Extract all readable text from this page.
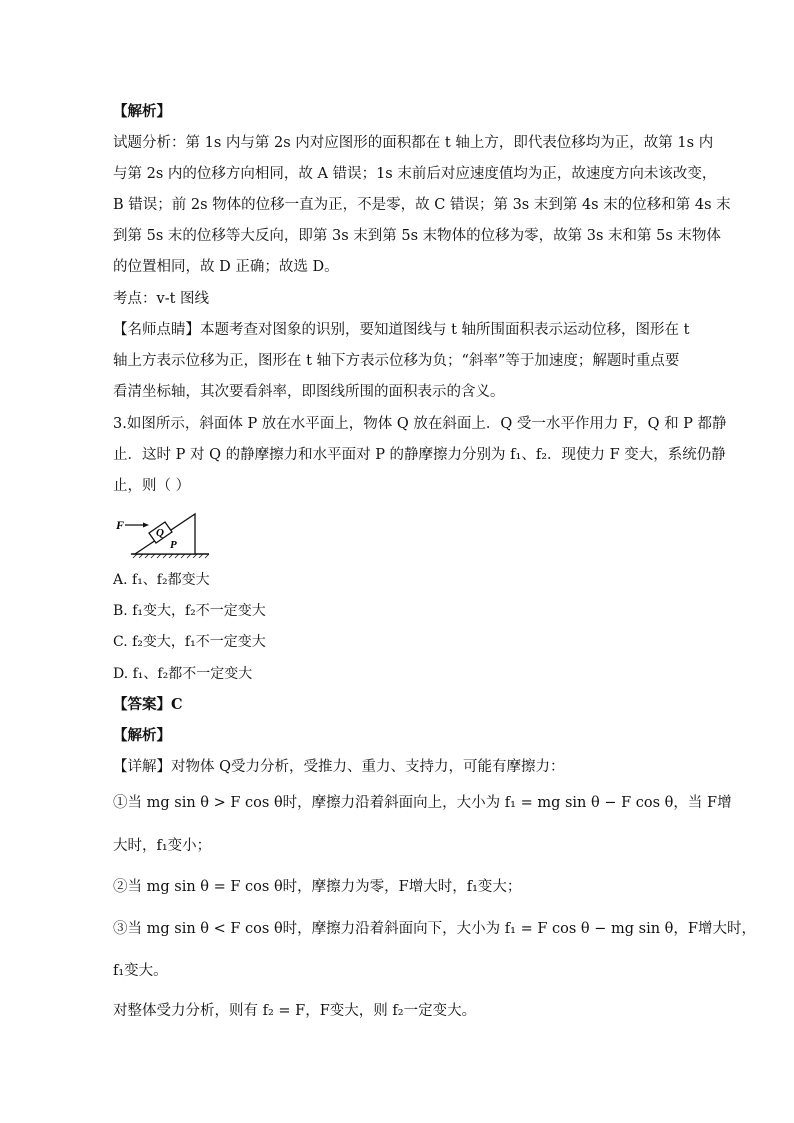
【解析】
试题分析：第 1s 内与第 2s 内对应图形的面积都在 t 轴上方，即代表位移均为正，故第 1s 内
与第 2s 内的位移方向相同，故 A 错误；1s 末前后对应速度值均为正，故速度方向未该改变，
B 错误；前 2s 物体的位移一直为正，不是零，故 C 错误；第 3s 末到第 4s 末的位移和第 4s 末
到第 5s 末的位移等大反向，即第 3s 末到第 5s 末物体的位移为零，故第 3s 末和第 5s 末物体
的位置相同，故 D 正确；故选 D。
考点：v-t 图线
【名师点睛】本题考查对图象的识别，要知道图线与 t 轴所围面积表示运动位移，图形在 t
轴上方表示位移为正，图形在 t 轴下方表示位移为负；“斜率”等于加速度；解题时重点要
看清坐标轴，其次要看斜率，即图线所围的面积表示的含义。
3.如图所示，斜面体 P 放在水平面上，物体 Q 放在斜面上．Q 受一水平作用力 F，Q 和 P 都静
止．这时 P 对 Q 的静摩擦力和水平面对 P 的静摩擦力分别为 f₁、f₂．现使力 F 变大，系统仍静
止，则（ ）
F
Q
P
A. f₁、f₂都变大
B. f₁变大，f₂不一定变大
C. f₂变大，f₁不一定变大
D. f₁、f₂都不一定变大
【答案】C
【解析】
【详解】对物体 Q受力分析，受推力、重力、支持力，可能有摩擦力：
①当 mg sin θ > F cos θ时，摩擦力沿着斜面向上，大小为 f₁ = mg sin θ − F cos θ，当 F增
大时，f₁变小；
②当 mg sin θ = F cos θ时，摩擦力为零，F增大时，f₁变大；
③当 mg sin θ < F cos θ时，摩擦力沿着斜面向下，大小为 f₁ = F cos θ − mg sin θ，F增大时，
f₁变大。
对整体受力分析，则有 f₂ = F，F变大，则 f₂一定变大。
